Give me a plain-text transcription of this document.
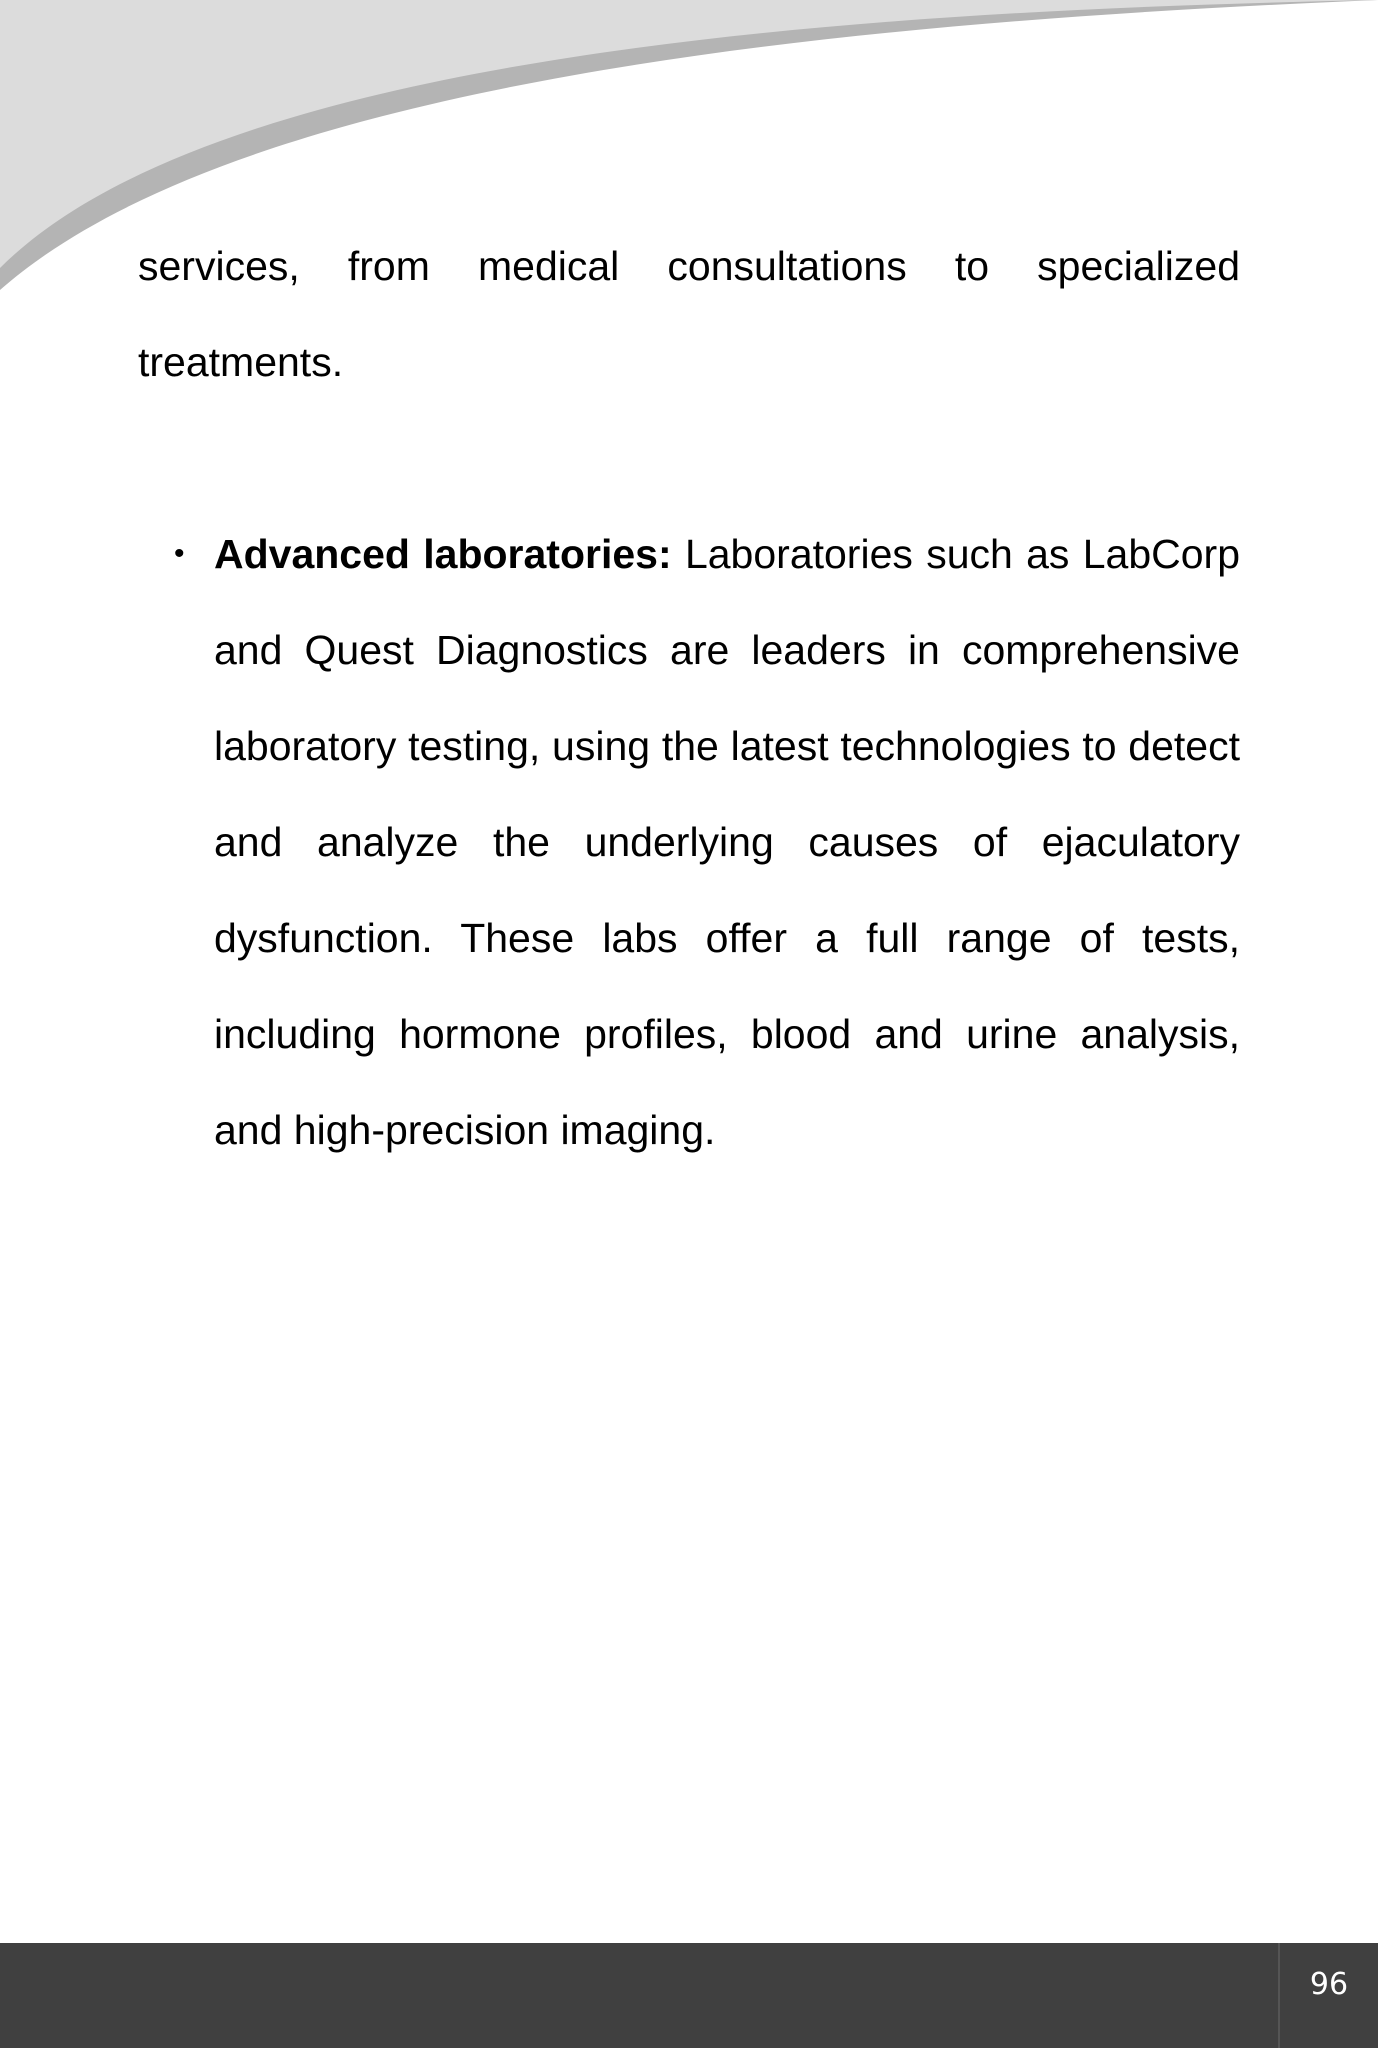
services, from medical consultations to specialized treatments.

• Advanced laboratories: Laboratories such as LabCorp and Quest Diagnostics are leaders in comprehensive laboratory testing, using the latest technologies to detect and analyze the underlying causes of ejaculatory dysfunction. These labs offer a full range of tests, including hormone profiles, blood and urine analysis, and high-precision imaging.
96
